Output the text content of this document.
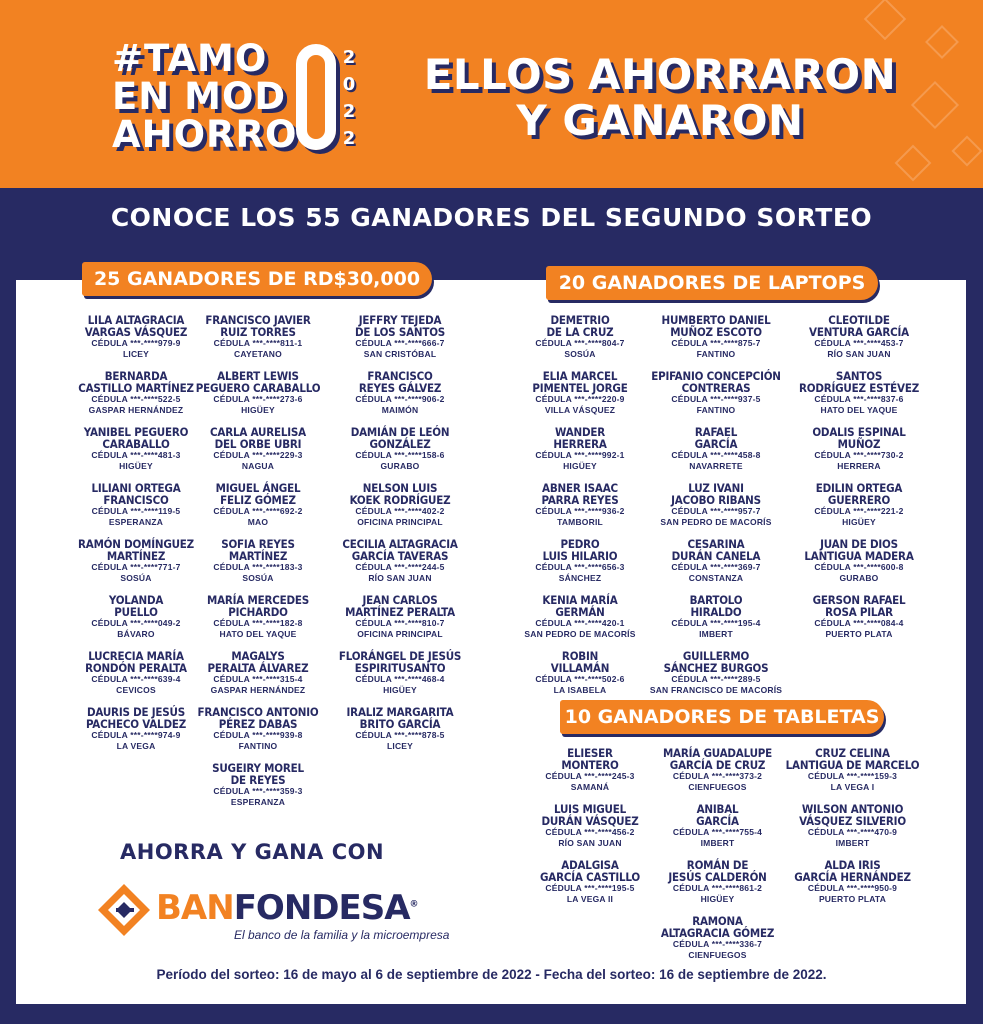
#TAMO
EN MOD
AHORRO
2
0
2
2
ELLOS AHORRARON
Y GANARON
CONOCE LOS 55 GANADORES DEL SEGUNDO SORTEO
25 GANADORES DE RD$30,000	20 GANADORES DE LAPTOPS
10 GANADORES DE TABLETAS
LILA ALTAGRACIA
VARGAS VÁSQUEZ
CÉDULA ***-****979-9
LICEY
BERNARDA
CASTILLO MARTÍNEZ
CÉDULA ***-****522-5
GASPAR HERNÁNDEZ
YANIBEL PEGUERO
CARABALLO
CÉDULA ***-****481-3
HIGÜEY
LILIANI ORTEGA
FRANCISCO
CÉDULA ***-****119-5
ESPERANZA
RAMÓN DOMÍNGUEZ
MARTÍNEZ
CÉDULA ***-****771-7
SOSÚA
YOLANDA
PUELLO
CÉDULA ***-****049-2
BÁVARO
LUCRECIA MARÍA
RONDÓN PERALTA
CÉDULA ***-****639-4
CEVICOS
DAURIS DE JESÚS
PACHECO VALDEZ
CÉDULA ***-****974-9
LA VEGA
FRANCISCO JAVIER
RUIZ TORRES
CÉDULA ***-****811-1
CAYETANO
ALBERT LEWIS
PEGUERO CARABALLO
CÉDULA ***-****273-6
HIGÜEY
CARLA AURELISA
DEL ORBE UBRI
CÉDULA ***-****229-3
NAGUA
MIGUEL ÁNGEL
FELIZ GÓMEZ
CÉDULA ***-****692-2
MAO
SOFIA REYES
MARTÍNEZ
CÉDULA ***-****183-3
SOSÚA
MARÍA MERCEDES
PICHARDO
CÉDULA ***-****182-8
HATO DEL YAQUE
MAGALYS
PERALTA ÁLVAREZ
CÉDULA ***-****315-4
GASPAR HERNÁNDEZ
FRANCISCO ANTONIO
PÉREZ DABAS
CÉDULA ***-****939-8
FANTINO
SUGEIRY MOREL
DE REYES
CÉDULA ***-****359-3
ESPERANZA
JEFFRY TEJEDA
DE LOS SANTOS
CÉDULA ***-****666-7
SAN CRISTÓBAL
FRANCISCO
REYES GÁLVEZ
CÉDULA ***-****906-2
MAIMÓN
DAMIÁN DE LEÓN
GONZÁLEZ
CÉDULA ***-****158-6
GURABO
NELSON LUIS
KOEK RODRÍGUEZ
CÉDULA ***-****402-2
OFICINA PRINCIPAL
CECILIA ALTAGRACIA
GARCÍA TAVERAS
CÉDULA ***-****244-5
RÍO SAN JUAN
JEAN CARLOS
MARTÍNEZ PERALTA
CÉDULA ***-****810-7
OFICINA PRINCIPAL
FLORÁNGEL DE JESÚS
ESPIRITUSANTO
CÉDULA ***-****468-4
HIGÜEY
IRALIZ MARGARITA
BRITO GARCÍA
CÉDULA ***-****878-5
LICEY
DEMETRIO
DE LA CRUZ
CÉDULA ***-****804-7
SOSÚA
ELIA MARCEL
PIMENTEL JORGE
CÉDULA ***-****220-9
VILLA VÁSQUEZ
WANDER
HERRERA
CÉDULA ***-****992-1
HIGÜEY
ABNER ISAAC
PARRA REYES
CÉDULA ***-****936-2
TAMBORIL
PEDRO
LUIS HILARIO
CÉDULA ***-****656-3
SÁNCHEZ
KENIA MARÍA
GERMÁN
CÉDULA ***-****420-1
SAN PEDRO DE MACORÍS
ROBIN
VILLAMÁN
CÉDULA ***-****502-6
LA ISABELA
HUMBERTO DANIEL
MUÑOZ ESCOTO
CÉDULA ***-****875-7
FANTINO
EPIFANIO CONCEPCIÓN
CONTRERAS
CÉDULA ***-****937-5
FANTINO
RAFAEL
GARCÍA
CÉDULA ***-****458-8
NAVARRETE
LUZ IVANI
JACOBO RIBANS
CÉDULA ***-****957-7
SAN PEDRO DE MACORÍS
CESARINA
DURÁN CANELA
CÉDULA ***-****369-7
CONSTANZA
BARTOLO
HIRALDO
CÉDULA ***-****195-4
IMBERT
GUILLERMO
SÁNCHEZ BURGOS
CÉDULA ***-****289-5
SAN FRANCISCO DE MACORÍS
CLEOTILDE
VENTURA GARCÍA
CÉDULA ***-****453-7
RÍO SAN JUAN
SANTOS
RODRÍGUEZ ESTÉVEZ
CÉDULA ***-****837-6
HATO DEL YAQUE
ODALIS ESPINAL
MUÑOZ
CÉDULA ***-****730-2
HERRERA
EDILIN ORTEGA
GUERRERO
CÉDULA ***-****221-2
HIGÜEY
JUAN DE DIOS
LANTIGUA MADERA
CÉDULA ***-****600-8
GURABO
GERSON RAFAEL
ROSA PILAR
CÉDULA ***-****084-4
PUERTO PLATA
ELIESER
MONTERO
CÉDULA ***-****245-3
SAMANÁ
LUIS MIGUEL
DURÁN VÁSQUEZ
CÉDULA ***-****456-2
RÍO SAN JUAN
ADALGISA
GARCÍA CASTILLO
CÉDULA ***-****195-5
LA VEGA II
MARÍA GUADALUPE
GARCÍA DE CRUZ
CÉDULA ***-****373-2
CIENFUEGOS
ANIBAL
GARCÍA
CÉDULA ***-****755-4
IMBERT
ROMÁN DE
JESÚS CALDERÓN
CÉDULA ***-****861-2
HIGÜEY
RAMONA
ALTAGRACIA GÓMEZ
CÉDULA ***-****336-7
CIENFUEGOS
CRUZ CELINA
LANTIGUA DE MARCELO
CÉDULA ***-****159-3
LA VEGA I
WILSON ANTONIO
VÁSQUEZ SILVERIO
CÉDULA ***-****470-9
IMBERT
ALDA IRIS
GARCÍA HERNÁNDEZ
CÉDULA ***-****950-9
PUERTO PLATA
AHORRA Y GANA CON
BANFONDESA®
El banco de la familia y la microempresa
Período del sorteo: 16 de mayo al 6 de septiembre de 2022 - Fecha del sorteo: 16 de septiembre de 2022.
